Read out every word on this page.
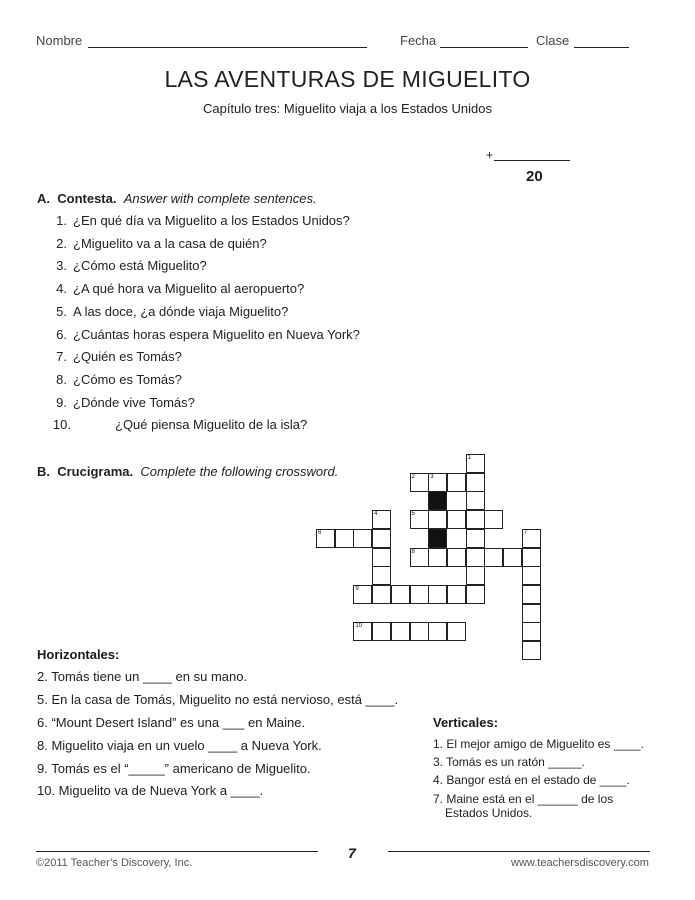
Nombre	Fecha	Clase
LAS AVENTURAS DE MIGUELITO
Capítulo tres: Miguelito viaja a los Estados Unidos
+
20
A. Contesta. Answer with complete sentences.
1. ¿En qué día va Miguelito a los Estados Unidos?
2. ¿Miguelito va a la casa de quién?
3. ¿Cómo está Miguelito?
4. ¿A qué hora va Miguelito al aeropuerto?
5. A las doce, ¿a dónde viaja Miguelito?
6. ¿Cuántas horas espera Miguelito en Nueva York?
7. ¿Quién es Tomás?
8. ¿Cómo es Tomás?
9. ¿Dónde vive Tomás?
10.	¿Qué piensa Miguelito de la isla?
B. Crucigrama. Complete the following crossword.
1
2	3
4	5
6	7
8
9
10
Horizontales:
2. Tomás tiene un ____ en su mano.
5. En la casa de Tomás, Miguelito no está nervioso, está ____.
6. “Mount Desert Island” es una ___ en Maine.
8. Miguelito viaja en un vuelo ____ a Nueva York.
9. Tomás es el “_____” americano de Miguelito.
10. Miguelito va de Nueva York a ____.
Verticales:
1. El mejor amigo de Miguelito es ____.
3. Tomás es un ratón _____.
4. Bangor está en el estado de ____.
7. Maine está en el ______ de los
Estados Unidos.
7
©2011 Teacher’s Discovery, Inc.	www.teachersdiscovery.com
